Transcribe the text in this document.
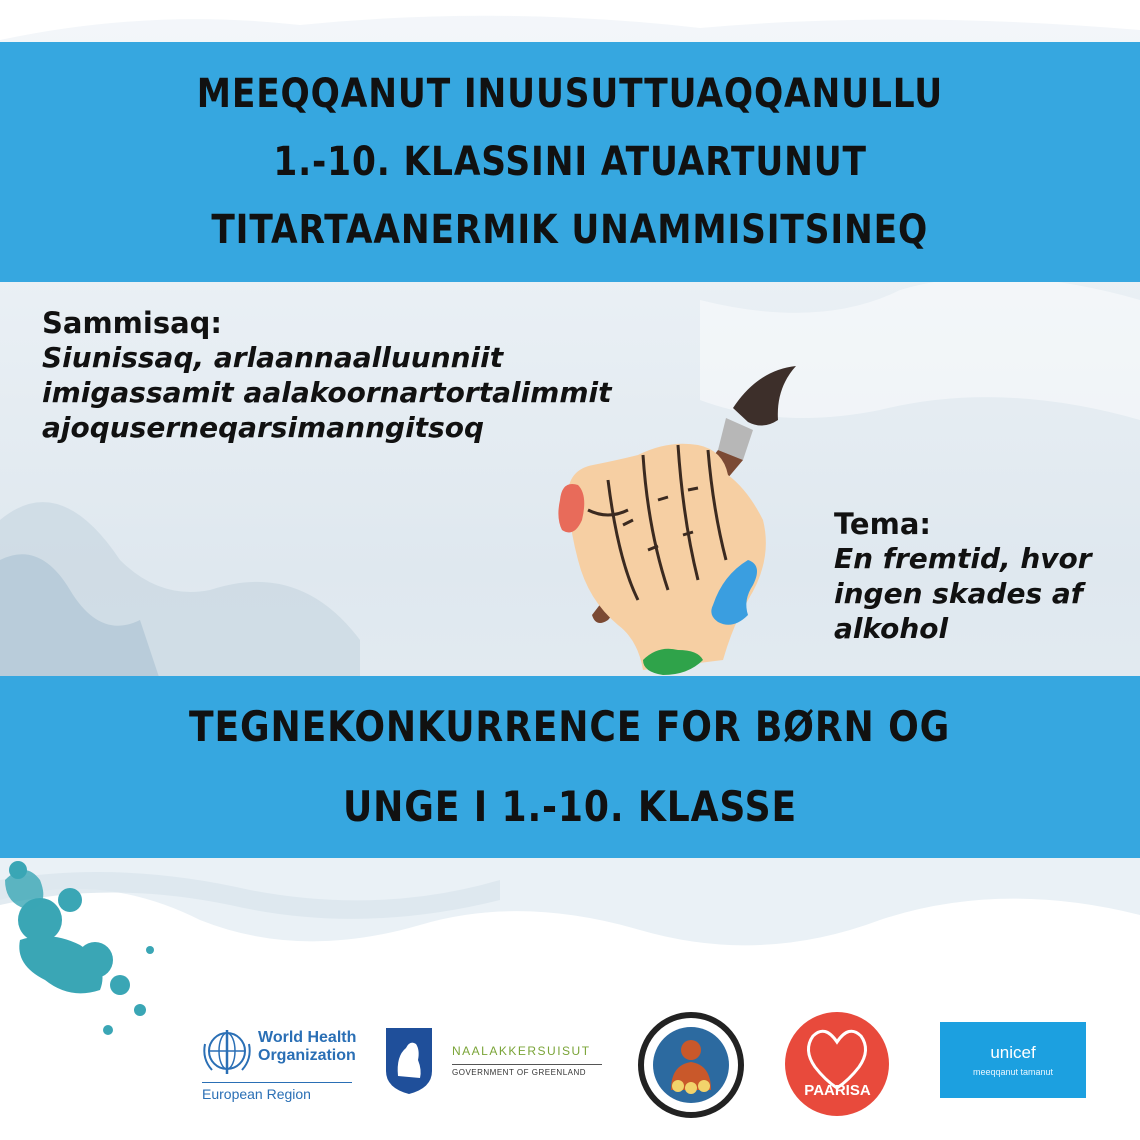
MEEQQANUT INUUSUTTUAQQANULLU
1.-10. KLASSINI ATUARTUNUT
TITARTAANERMIK UNAMMISITSINEQ
Sammisaq:
Siunissaq, arlaannaalluunniit
imigassamit aalakoornartortalimmit
ajoquserneqarsimanngitsoq
Tema:
En fremtid, hvor
ingen skades af
alkohol
TEGNEKONKURRENCE FOR BØRN OG
UNGE I 1.-10. KLASSE
World Health
Organization
European Region
NAALAKKERSUISUT
GOVERNMENT OF GREENLAND
PAARISA
unicef
meeqqanut tamanut
